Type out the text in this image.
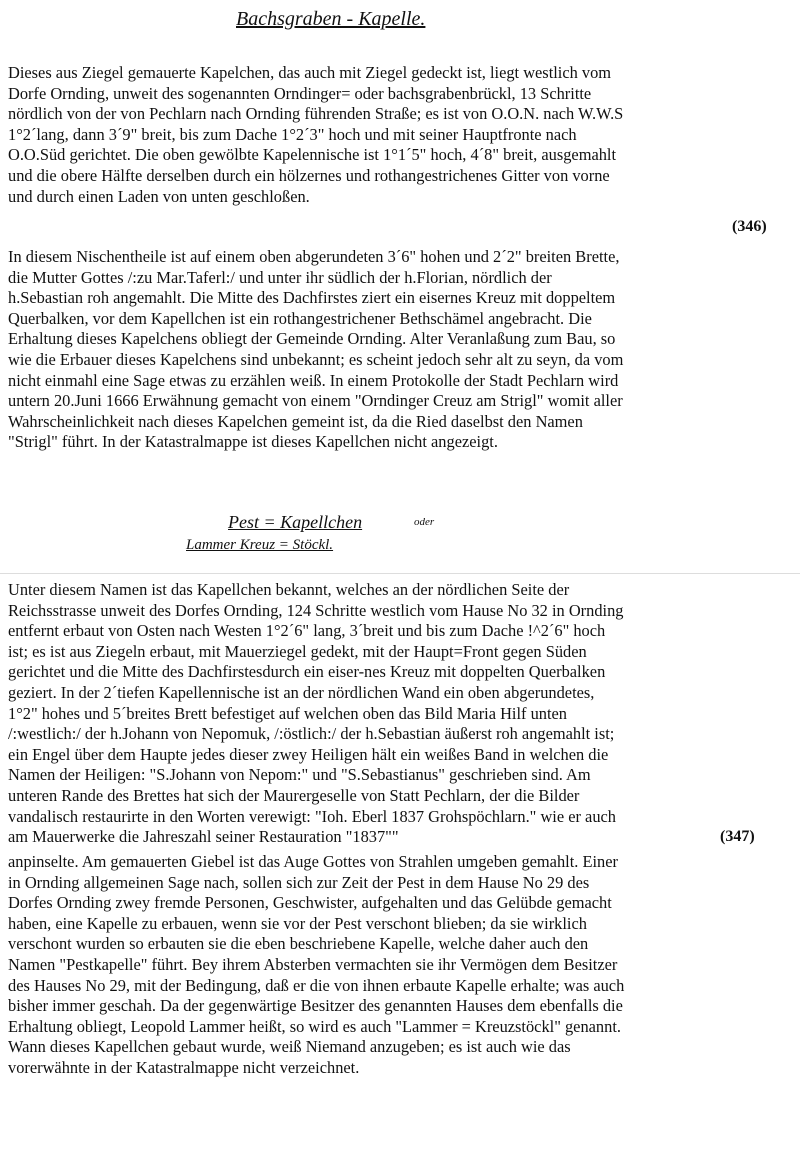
Bachsgraben - Kapelle.
Dieses aus Ziegel gemauerte Kapelchen, das auch mit Ziegel gedeckt ist, liegt westlich vom
Dorfe Ornding, unweit des sogenannten Orndinger= oder bachsgrabenbrückl, 13 Schritte
nördlich von der von Pechlarn nach Ornding führenden Straße; es ist von O.O.N. nach W.W.S
1°2´lang, dann 3´9" breit, bis zum Dache 1°2´3" hoch und mit seiner Hauptfronte nach
O.O.Süd gerichtet. Die oben gewölbte Kapelennische ist 1°1´5" hoch, 4´8" breit, ausgemahlt
und die obere Hälfte derselben durch ein hölzernes und rothangestrichenes Gitter von vorne
und durch einen Laden von unten geschloßen.
(346)
In diesem Nischentheile ist auf einem oben abgerundeten 3´6" hohen und 2´2" breiten Brette,
die Mutter Gottes /:zu Mar.Taferl:/ und unter ihr südlich der h.Florian, nördlich der
h.Sebastian roh angemahlt. Die Mitte des Dachfirstes ziert ein eisernes Kreuz mit doppeltem
Querbalken, vor dem Kapellchen ist ein rothangestrichener Bethschämel angebracht. Die
Erhaltung dieses Kapelchens obliegt der Gemeinde Ornding. Alter Veranlaßung zum Bau, so
wie die Erbauer dieses Kapelchens sind unbekannt; es scheint jedoch sehr alt zu seyn, da vom
nicht einmahl eine Sage etwas zu erzählen weiß. In einem Protokolle der Stadt Pechlarn wird
untern 20.Juni 1666 Erwähnung gemacht von einem "Orndinger Creuz am Strigl" womit aller
Wahrscheinlichkeit nach dieses Kapelchen gemeint ist, da die Ried daselbst den Namen
"Strigl" führt. In der Katastralmappe ist dieses Kapellchen nicht angezeigt.
Pest = Kapellchen	oder
Lammer Kreuz = Stöckl.
Unter diesem Namen ist das Kapellchen bekannt, welches an der nördlichen Seite der
Reichsstrasse unweit des Dorfes Ornding, 124 Schritte westlich vom Hause No 32 in Ornding
entfernt erbaut von Osten nach Westen 1°2´6" lang, 3´breit und bis zum Dache !^2´6" hoch
ist; es ist aus Ziegeln erbaut, mit Mauerziegel gedekt, mit der Haupt=Front gegen Süden
gerichtet und die Mitte des Dachfirstesdurch ein eiser-nes Kreuz mit doppelten Querbalken
geziert. In der 2´tiefen Kapellennische ist an der nördlichen Wand ein oben abgerundetes,
1°2" hohes und 5´breites Brett befestiget auf welchen oben das Bild Maria Hilf unten
/:westlich:/ der h.Johann von Nepomuk, /:östlich:/ der h.Sebastian äußerst roh angemahlt ist;
ein Engel über dem Haupte jedes dieser zwey Heiligen hält ein weißes Band in welchen die
Namen der Heiligen: "S.Johann von Nepom:" und "S.Sebastianus" geschrieben sind. Am
unteren Rande des Brettes hat sich der Maurergeselle von Statt Pechlarn, der die Bilder
vandalisch restaurirte in den Worten verewigt: "Ioh. Eberl 1837 Grohspöchlarn." wie er auch
am Mauerwerke die Jahreszahl seiner Restauration "1837""	(347)
anpinselte. Am gemauerten Giebel ist das Auge Gottes von Strahlen umgeben gemahlt. Einer
in Ornding allgemeinen Sage nach, sollen sich zur Zeit der Pest in dem Hause No 29 des
Dorfes Ornding zwey fremde Personen, Geschwister, aufgehalten und das Gelübde gemacht
haben, eine Kapelle zu erbauen, wenn sie vor der Pest verschont blieben; da sie wirklich
verschont wurden so erbauten sie die eben beschriebene Kapelle, welche daher auch den
Namen "Pestkapelle" führt. Bey ihrem Absterben vermachten sie ihr Vermögen dem Besitzer
des Hauses No 29, mit der Bedingung, daß er die von ihnen erbaute Kapelle erhalte; was auch
bisher immer geschah. Da der gegenwärtige Besitzer des genannten Hauses dem ebenfalls die
Erhaltung obliegt, Leopold Lammer heißt, so wird es auch "Lammer = Kreuzstöckl" genannt.
Wann dieses Kapellchen gebaut wurde, weiß Niemand anzugeben; es ist auch wie das
vorerwähnte in der Katastralmappe nicht verzeichnet.
